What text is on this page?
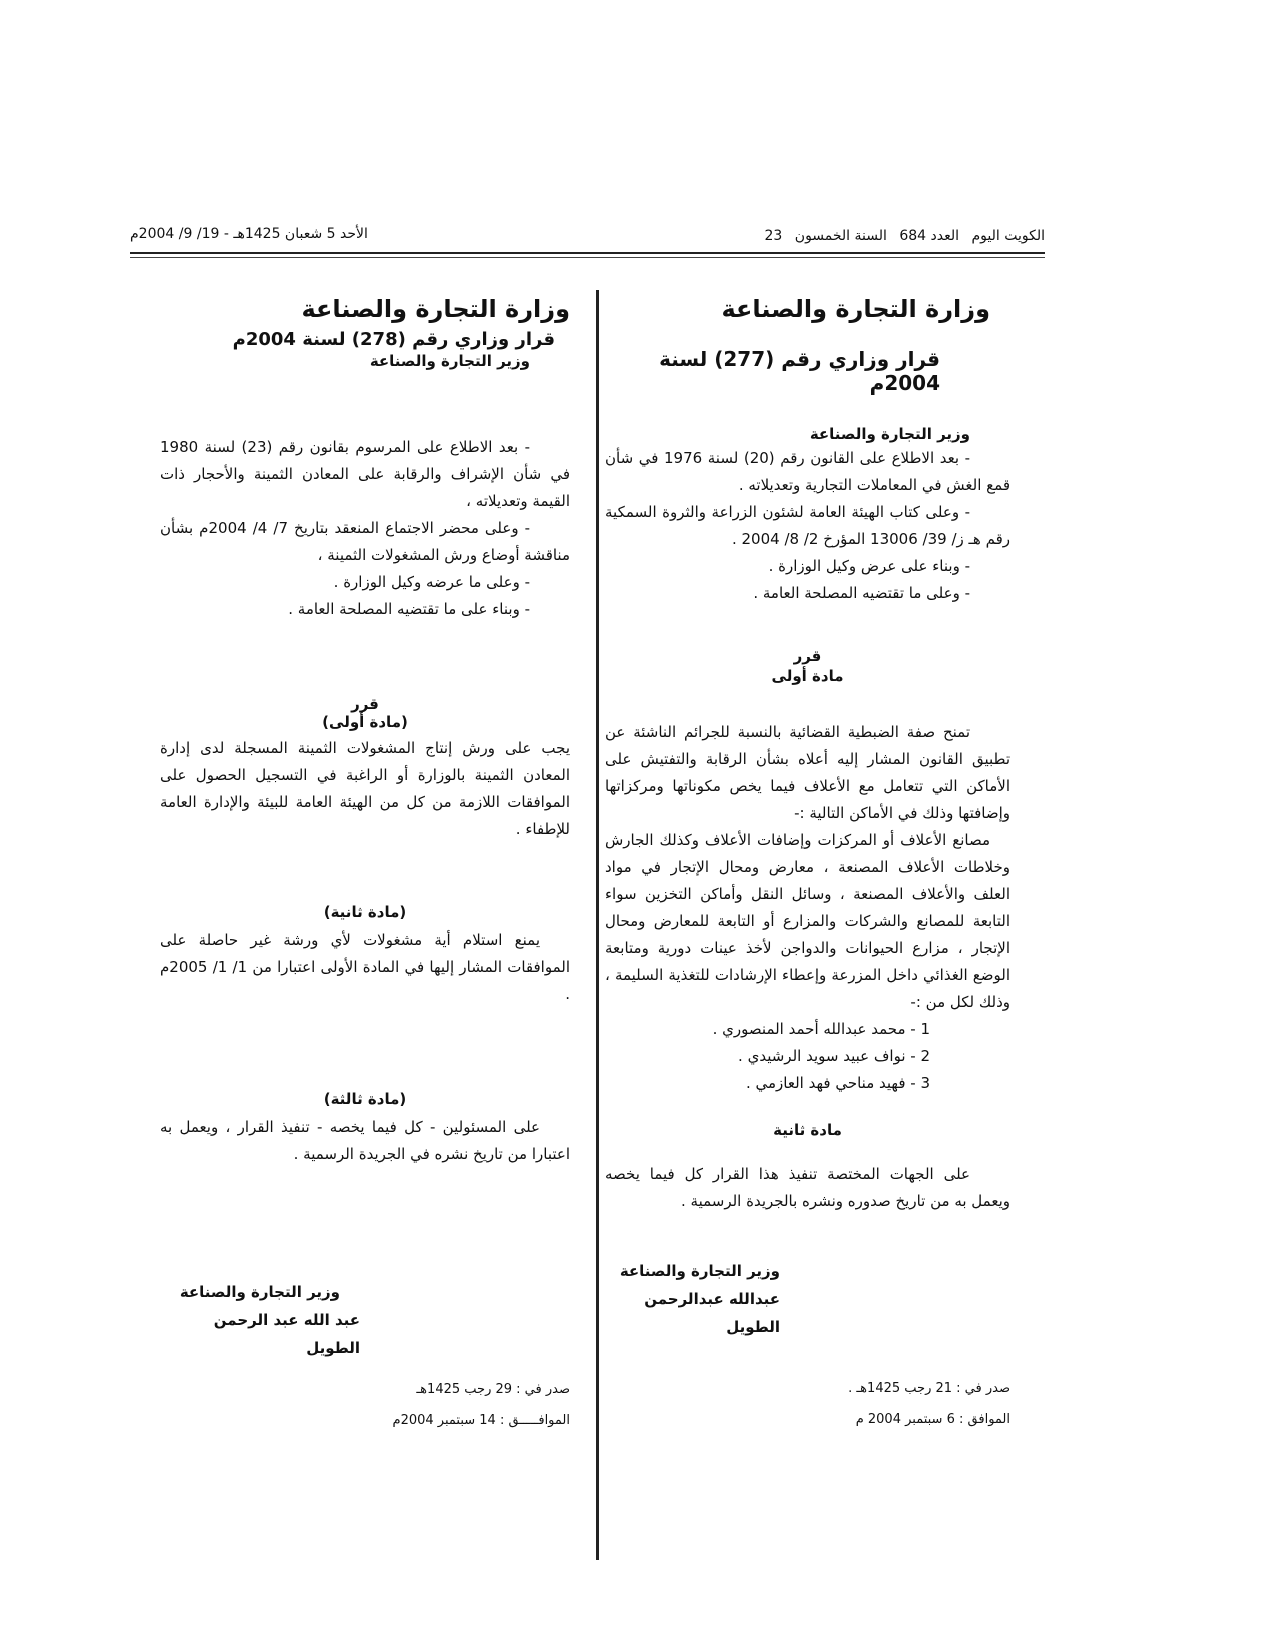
الكويت اليوم العدد 684 السنة الخمسون 23
الأحد 5 شعبان 1425هـ - 19/ 9/ 2004م

وزارة التجارة والصناعة

قرار وزاري رقم (277) لسنة 2004م

وزير التجارة والصناعة

- بعد الاطلاع على القانون رقم (20) لسنة 1976 في شأن قمع الغش في المعاملات التجارية وتعديلاته .

- وعلى كتاب الهيئة العامة لشئون الزراعة والثروة السمكية رقم هـ ز/ 39/ 13006 المؤرخ 2/ 8/ 2004 .

- وبناء على عرض وكيل الوزارة .

- وعلى ما تقتضيه المصلحة العامة .

قرر

مادة أولى

تمنح صفة الضبطية القضائية بالنسبة للجرائم الناشئة عن تطبيق القانون المشار إليه أعلاه بشأن الرقابة والتفتيش على الأماكن التي تتعامل مع الأعلاف فيما يخص مكوناتها ومركزاتها وإضافتها وذلك في الأماكن التالية :-

مصانع الأعلاف أو المركزات وإضافات الأعلاف وكذلك الجارش وخلاطات الأعلاف المصنعة ، معارض ومحال الإتجار في مواد العلف والأعلاف المصنعة ، وسائل النقل وأماكن التخزين سواء التابعة للمصانع والشركات والمزارع أو التابعة للمعارض ومحال الإتجار ، مزارع الحيوانات والدواجن لأخذ عينات دورية ومتابعة الوضع الغذائي داخل المزرعة وإعطاء الإرشادات للتغذية السليمة ، وذلك لكل من :-

1 - محمد عبدالله أحمد المنصوري .

2 - نواف عبيد سويد الرشيدي .

3 - فهيد مناحي فهد العازمي .

مادة ثانية

على الجهات المختصة تنفيذ هذا القرار كل فيما يخصه ويعمل به من تاريخ صدوره ونشره بالجريدة الرسمية .

وزير التجارة والصناعة

عبدالله عبدالرحمن الطويل

صدر في : 21 رجب 1425هـ .

الموافق : 6 سبتمبر 2004 م

وزارة التجارة والصناعة

قرار وزاري رقم (278) لسنة 2004م

وزير التجارة والصناعة

- بعد الاطلاع على المرسوم بقانون رقم (23) لسنة 1980 في شأن الإشراف والرقابة على المعادن الثمينة والأحجار ذات القيمة وتعديلاته ،

- وعلى محضر الاجتماع المنعقد بتاريخ 7/ 4/ 2004م بشأن مناقشة أوضاع ورش المشغولات الثمينة ،

- وعلى ما عرضه وكيل الوزارة .

- وبناء على ما تقتضيه المصلحة العامة .

قرر

(مادة أولى)

يجب على ورش إنتاج المشغولات الثمينة المسجلة لدى إدارة المعادن الثمينة بالوزارة أو الراغبة في التسجيل الحصول على الموافقات اللازمة من كل من الهيئة العامة للبيئة والإدارة العامة للإطفاء .

(مادة ثانية)

يمنع استلام أية مشغولات لأي ورشة غير حاصلة على الموافقات المشار إليها في المادة الأولى اعتبارا من 1/ 1/ 2005م .

(مادة ثالثة)

على المسئولين - كل فيما يخصه - تنفيذ القرار ، ويعمل به اعتبارا من تاريخ نشره في الجريدة الرسمية .

وزير التجارة والصناعة

عبد الله عبد الرحمن الطويل

صدر في : 29 رجب 1425هـ

الموافـــــق : 14 سبتمبر 2004م
